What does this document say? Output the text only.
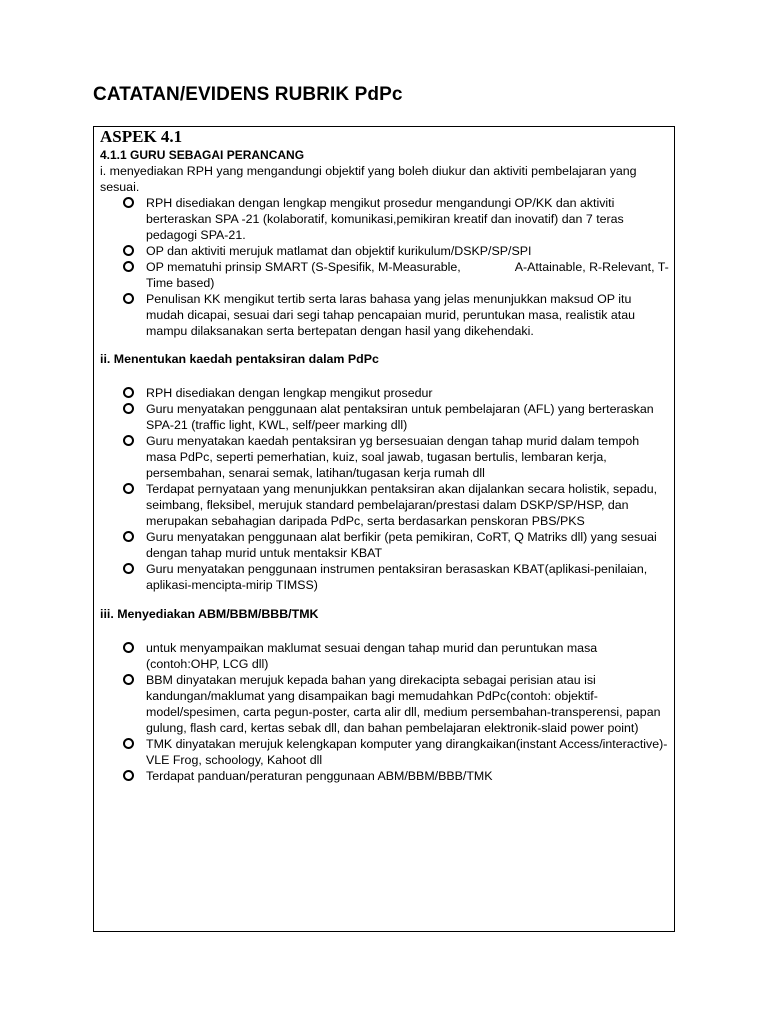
CATATAN/EVIDENS RUBRIK PdPc
ASPEK 4.1
4.1.1 GURU SEBAGAI PERANCANG

i. menyediakan RPH yang mengandungi objektif yang boleh diukur dan aktiviti pembelajaran yang sesuai.

RPH disediakan dengan lengkap mengikut prosedur mengandungi OP/KK dan aktiviti berteraskan SPA -21 (kolaboratif, komunikasi,pemikiran kreatif dan inovatif) dan 7 teras pedagogi SPA-21.
OP dan aktiviti merujuk matlamat dan objektif kurikulum/DSKP/SP/SPI
OP mematuhi prinsip SMART (S-Spesifik, M-Measurable,	A-Attainable, R-Relevant, T-Time based)
Penulisan KK mengikut tertib serta laras bahasa yang jelas menunjukkan maksud OP itu mudah dicapai, sesuai dari segi tahap pencapaian murid, peruntukan masa, realistik atau mampu dilaksanakan serta bertepatan dengan hasil yang dikehendaki.

ii. Menentukan kaedah pentaksiran dalam PdPc

RPH disediakan dengan lengkap mengikut prosedur
Guru menyatakan penggunaan alat pentaksiran untuk pembelajaran (AFL) yang berteraskan SPA-21 (traffic light, KWL, self/peer marking dll)
Guru menyatakan kaedah pentaksiran yg bersesuaian dengan tahap murid dalam tempoh masa PdPc, seperti pemerhatian, kuiz, soal jawab, tugasan bertulis, lembaran kerja, persembahan, senarai semak, latihan/tugasan kerja rumah dll
Terdapat pernyataan yang menunjukkan pentaksiran akan dijalankan secara holistik, sepadu, seimbang, fleksibel, merujuk standard pembelajaran/prestasi dalam DSKP/SP/HSP, dan merupakan sebahagian daripada PdPc, serta berdasarkan penskoran PBS/PKS
Guru menyatakan penggunaan alat berfikir (peta pemikiran, CoRT, Q Matriks dll) yang sesuai dengan tahap murid untuk mentaksir KBAT
Guru menyatakan penggunaan instrumen pentaksiran berasaskan KBAT(aplikasi-penilaian, aplikasi-mencipta-mirip TIMSS)

iii. Menyediakan ABM/BBM/BBB/TMK

untuk menyampaikan maklumat sesuai dengan tahap murid dan peruntukan masa (contoh:OHP, LCG dll)
BBM dinyatakan merujuk kepada bahan yang direkacipta sebagai perisian atau isi kandungan/maklumat yang disampaikan bagi memudahkan PdPc(contoh: objektif-model/spesimen, carta pegun-poster, carta alir dll, medium persembahan-transperensi, papan gulung, flash card, kertas sebak dll, dan bahan pembelajaran elektronik-slaid power point)
TMK dinyatakan merujuk kelengkapan komputer yang dirangkaikan(instant Access/interactive)-VLE Frog, schoology, Kahoot dll
Terdapat panduan/peraturan penggunaan ABM/BBM/BBB/TMK
